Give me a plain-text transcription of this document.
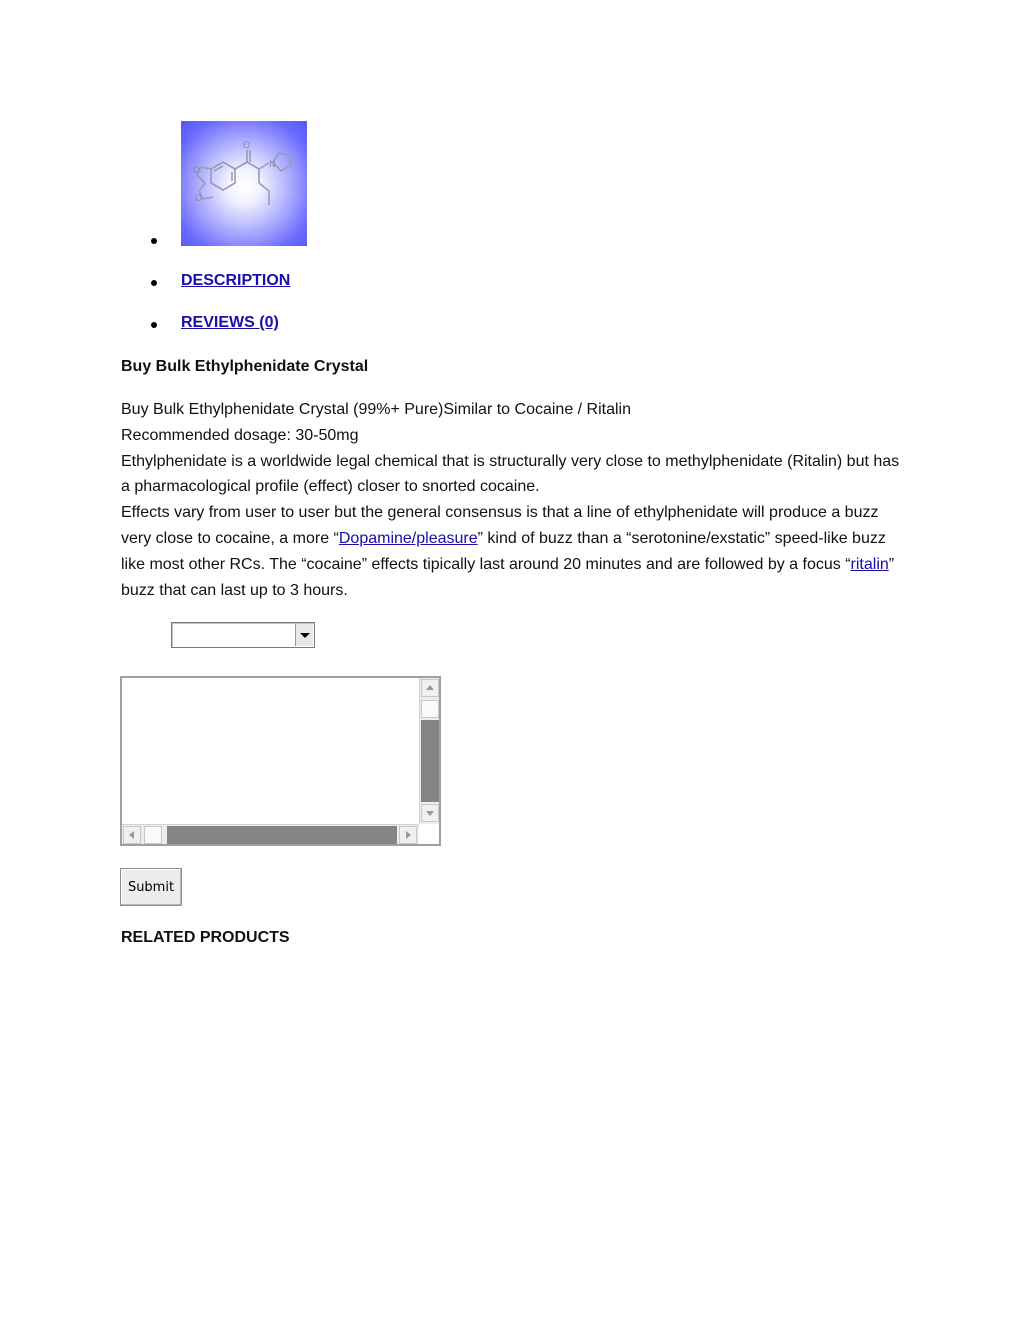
O
N
O
O
DESCRIPTION
REVIEWS (0)
Buy Bulk Ethylphenidate Crystal
Buy Bulk Ethylphenidate Crystal (99%+ Pure)Similar to Cocaine / Ritalin
Recommended dosage: 30-50mg
Ethylphenidate is a worldwide legal chemical that is structurally very close to methylphenidate (Ritalin) but has a pharmacological profile (effect) closer to snorted cocaine.
Effects vary from user to user but the general consensus is that a line of ethylphenidate will produce a buzz very close to cocaine, a more “Dopamine/pleasure” kind of buzz than a “serotonine/exstatic” speed-like buzz like most other RCs. The “cocaine” effects tipically last around 20 minutes and are followed by a focus “ritalin” buzz that can last up to 3 hours.
Submit
RELATED PRODUCTS
